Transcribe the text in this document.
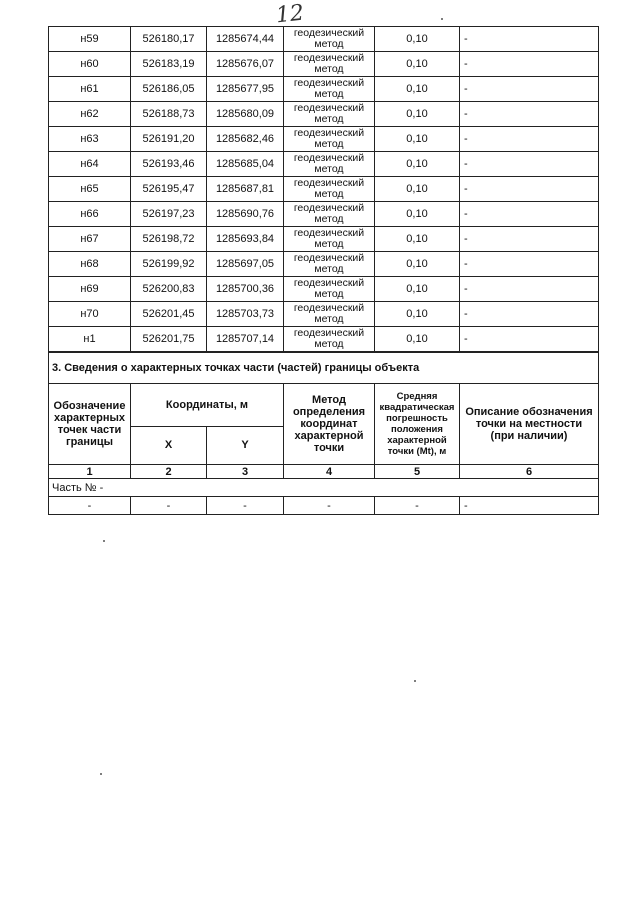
12
н59	526180,17	1285674,44	геодезический метод	0,10	-
н60	526183,19	1285676,07	геодезический метод	0,10	-
н61	526186,05	1285677,95	геодезический метод	0,10	-
н62	526188,73	1285680,09	геодезический метод	0,10	-
н63	526191,20	1285682,46	геодезический метод	0,10	-
н64	526193,46	1285685,04	геодезический метод	0,10	-
н65	526195,47	1285687,81	геодезический метод	0,10	-
н66	526197,23	1285690,76	геодезический метод	0,10	-
н67	526198,72	1285693,84	геодезический метод	0,10	-
н68	526199,92	1285697,05	геодезический метод	0,10	-
н69	526200,83	1285700,36	геодезический метод	0,10	-
н70	526201,45	1285703,73	геодезический метод	0,10	-
н1	526201,75	1285707,14	геодезический метод	0,10	-
3. Сведения о характерных точках части (частей) границы объекта					
Обозначение характерных точек части границы	Координаты, м		Метод определения координат характерной точки	Средняя квадратическая погрешность положения характерной точки (Mt), м	Описание обозначения точки на местности (при наличии)
	X	Y			
1	2	3	4	5	6
Часть № -					
-	-	-	-	-	-
